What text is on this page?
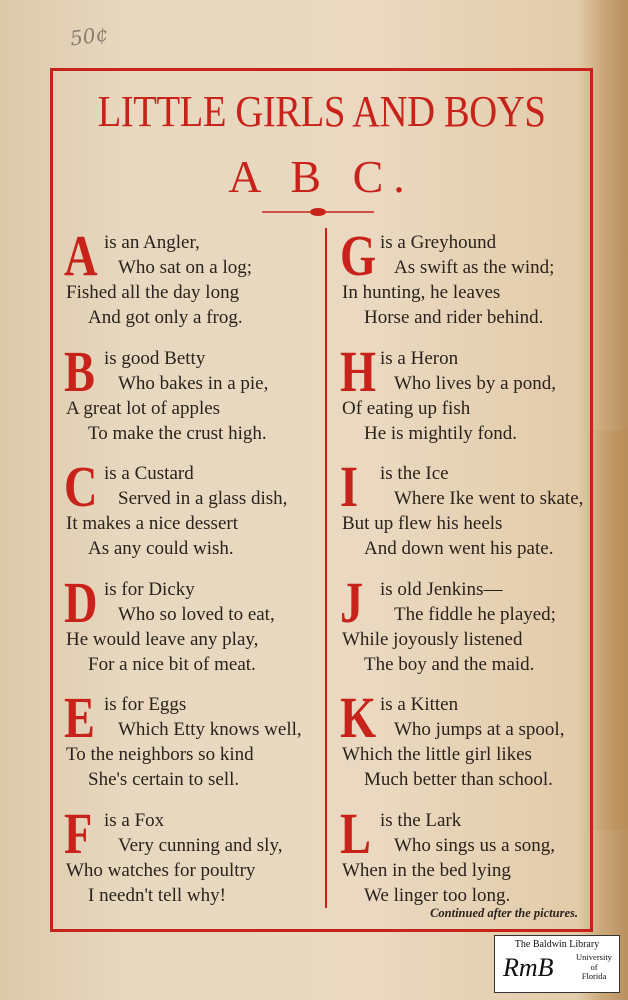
50¢
LITTLE GIRLS AND BOYS
A B C.
A is an Angler,
Who sat on a log;
Fished all the day long
And got only a frog.
B is good Betty
Who bakes in a pie,
A great lot of apples
To make the crust high.
C is a Custard
Served in a glass dish,
It makes a nice dessert
As any could wish.
D is for Dicky
Who so loved to eat,
He would leave any play,
For a nice bit of meat.
E is for Eggs
Which Etty knows well,
To the neighbors so kind
She's certain to sell.
F is a Fox
Very cunning and sly,
Who watches for poultry
I needn't tell why!
G is a Greyhound
As swift as the wind;
In hunting, he leaves
Horse and rider behind.
H is a Heron
Who lives by a pond,
Of eating up fish
He is mightily fond.
I is the Ice
Where Ike went to skate,
But up flew his heels
And down went his pate.
J is old Jenkins—
The fiddle he played;
While joyously listened
The boy and the maid.
K is a Kitten
Who jumps at a spool,
Which the little girl likes
Much better than school.
L is the Lark
Who sings us a song,
When in the bed lying
We linger too long.
Continued after the pictures.
The Baldwin Library
RmB	University
of
Florida
